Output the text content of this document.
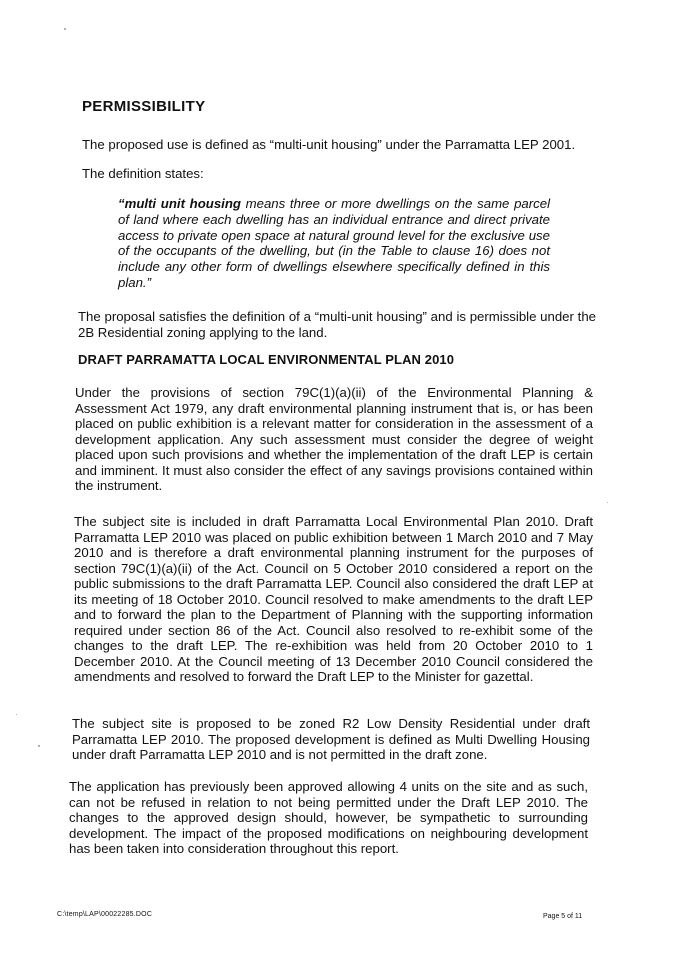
PERMISSIBILITY

The proposed use is defined as “multi-unit housing” under the Parramatta LEP 2001.

The definition states:

“multi unit housing means three or more dwellings on the same parcel of land where each dwelling has an individual entrance and direct private access to private open space at natural ground level for the exclusive use of the occupants of the dwelling, but (in the Table to clause 16) does not include any other form of dwellings elsewhere specifically defined in this plan.”

The proposal satisfies the definition of a “multi-unit housing” and is permissible under the 2B Residential zoning applying to the land.

DRAFT PARRAMATTA LOCAL ENVIRONMENTAL PLAN 2010

Under the provisions of section 79C(1)(a)(ii) of the Environmental Planning & Assessment Act 1979, any draft environmental planning instrument that is, or has been placed on public exhibition is a relevant matter for consideration in the assessment of a development application. Any such assessment must consider the degree of weight placed upon such provisions and whether the implementation of the draft LEP is certain and imminent. It must also consider the effect of any savings provisions contained within the instrument.

The subject site is included in draft Parramatta Local Environmental Plan 2010. Draft Parramatta LEP 2010 was placed on public exhibition between 1 March 2010 and 7 May 2010 and is therefore a draft environmental planning instrument for the purposes of section 79C(1)(a)(ii) of the Act. Council on 5 October 2010 considered a report on the public submissions to the draft Parramatta LEP. Council also considered the draft LEP at its meeting of 18 October 2010. Council resolved to make amendments to the draft LEP and to forward the plan to the Department of Planning with the supporting information required under section 86 of the Act. Council also resolved to re-exhibit some of the changes to the draft LEP. The re-exhibition was held from 20 October 2010 to 1 December 2010. At the Council meeting of 13 December 2010 Council considered the amendments and resolved to forward the Draft LEP to the Minister for gazettal.

The subject site is proposed to be zoned R2 Low Density Residential under draft Parramatta LEP 2010. The proposed development is defined as Multi Dwelling Housing under draft Parramatta LEP 2010 and is not permitted in the draft zone.

The application has previously been approved allowing 4 units on the site and as such, can not be refused in relation to not being permitted under the Draft LEP 2010. The changes to the approved design should, however, be sympathetic to surrounding development. The impact of the proposed modifications on neighbouring development has been taken into consideration throughout this report.

C:\temp\LAP\00022285.DOC	Page 5 of 11
